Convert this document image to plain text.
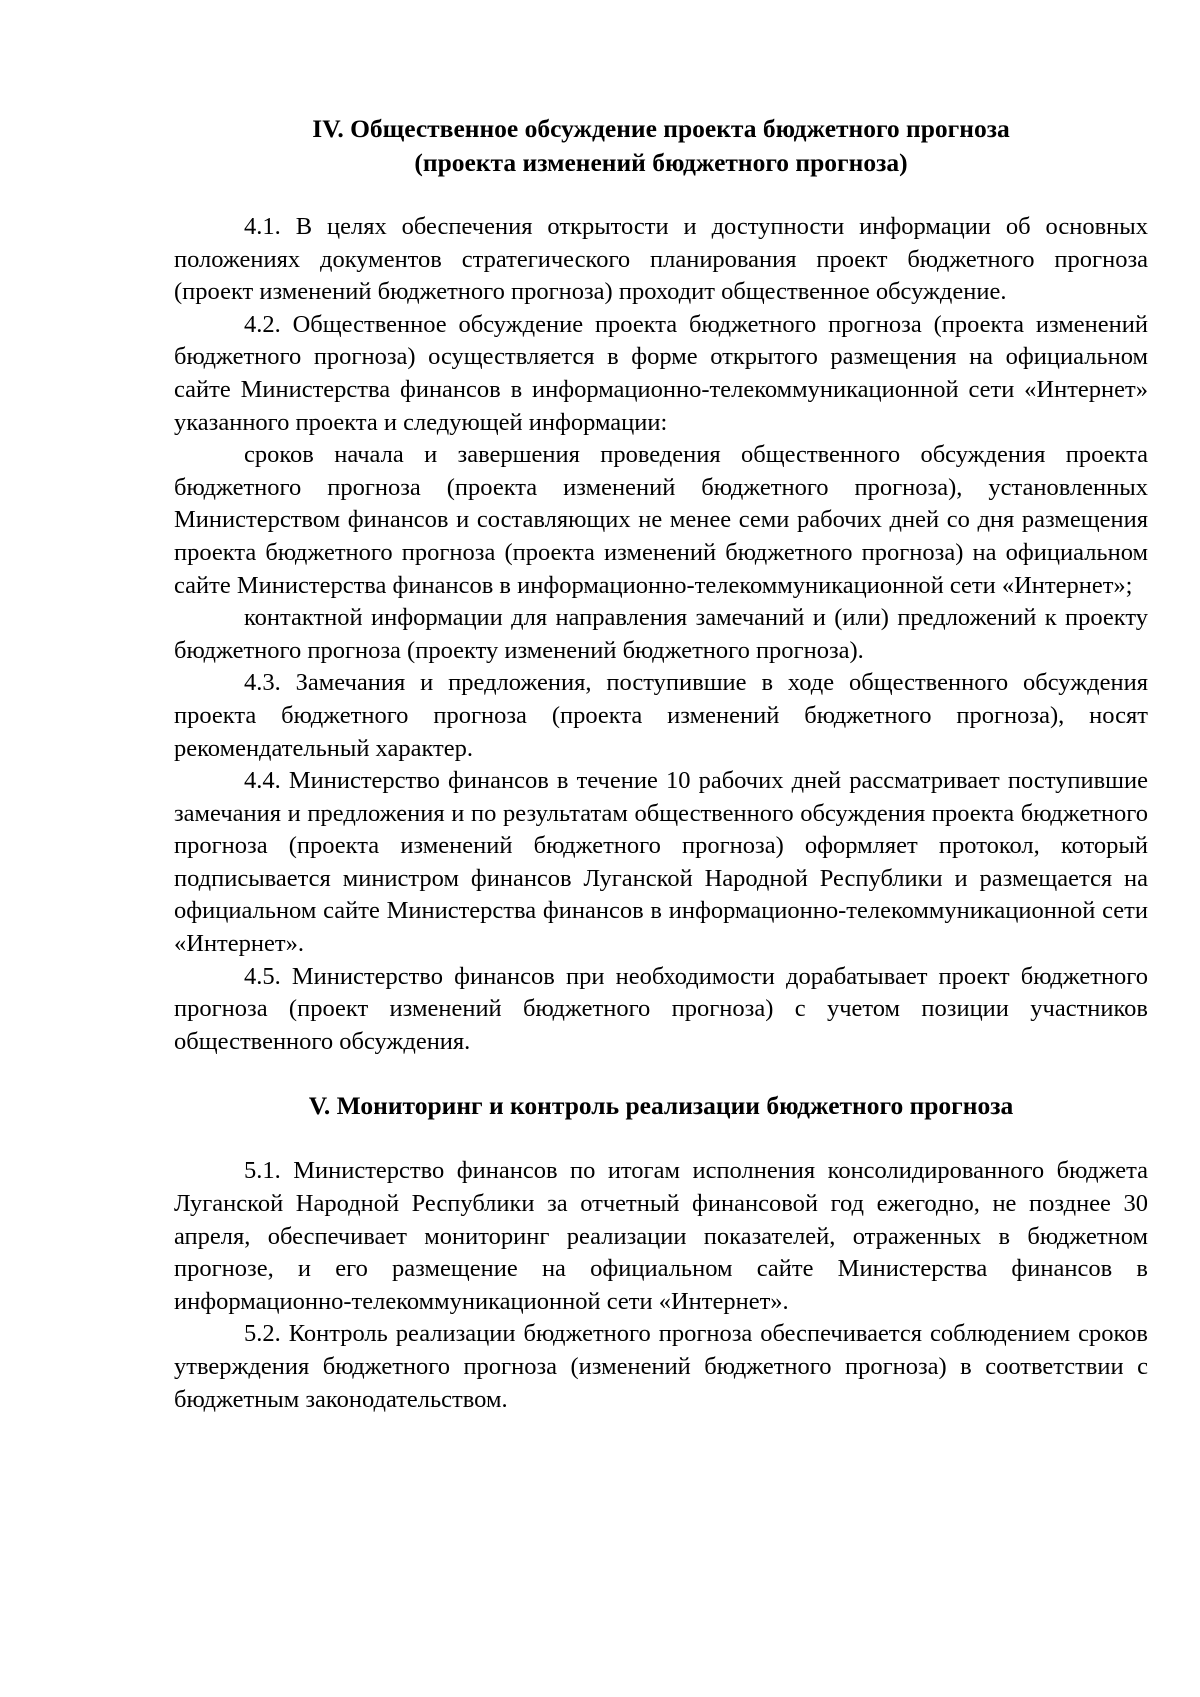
IV. Общественное обсуждение проекта бюджетного прогноза
(проекта изменений бюджетного прогноза)

4.1. В целях обеспечения открытости и доступности информации об основных положениях документов стратегического планирования проект бюджетного прогноза (проект изменений бюджетного прогноза) проходит общественное обсуждение.

4.2. Общественное обсуждение проекта бюджетного прогноза (проекта изменений бюджетного прогноза) осуществляется в форме открытого размещения на официальном сайте Министерства финансов в информационно-телекоммуникационной сети «Интернет» указанного проекта и следующей информации:

сроков начала и завершения проведения общественного обсуждения проекта бюджетного прогноза (проекта изменений бюджетного прогноза), установленных Министерством финансов и составляющих не менее семи рабочих дней со дня размещения проекта бюджетного прогноза (проекта изменений бюджетного прогноза) на официальном сайте Министерства финансов в информационно-телекоммуникационной сети «Интернет»;

контактной информации для направления замечаний и (или) предложений к проекту бюджетного прогноза (проекту изменений бюджетного прогноза).

4.3. Замечания и предложения, поступившие в ходе общественного обсуждения проекта бюджетного прогноза (проекта изменений бюджетного прогноза), носят рекомендательный характер.

4.4. Министерство финансов в течение 10 рабочих дней рассматривает поступившие замечания и предложения и по результатам общественного обсуждения проекта бюджетного прогноза (проекта изменений бюджетного прогноза) оформляет протокол, который подписывается министром финансов Луганской Народной Республики и размещается на официальном сайте Министерства финансов в информационно-телекоммуникационной сети «Интернет».

4.5. Министерство финансов при необходимости дорабатывает проект бюджетного прогноза (проект изменений бюджетного прогноза) с учетом позиции участников общественного обсуждения.

V. Мониторинг и контроль реализации бюджетного прогноза

5.1. Министерство финансов по итогам исполнения консолидированного бюджета Луганской Народной Республики за отчетный финансовой год ежегодно, не позднее 30 апреля, обеспечивает мониторинг реализации показателей, отраженных в бюджетном прогнозе, и его размещение на официальном сайте Министерства финансов в информационно-телекоммуникационной сети «Интернет».

5.2. Контроль реализации бюджетного прогноза обеспечивается соблюдением сроков утверждения бюджетного прогноза (изменений бюджетного прогноза) в соответствии с бюджетным законодательством.
